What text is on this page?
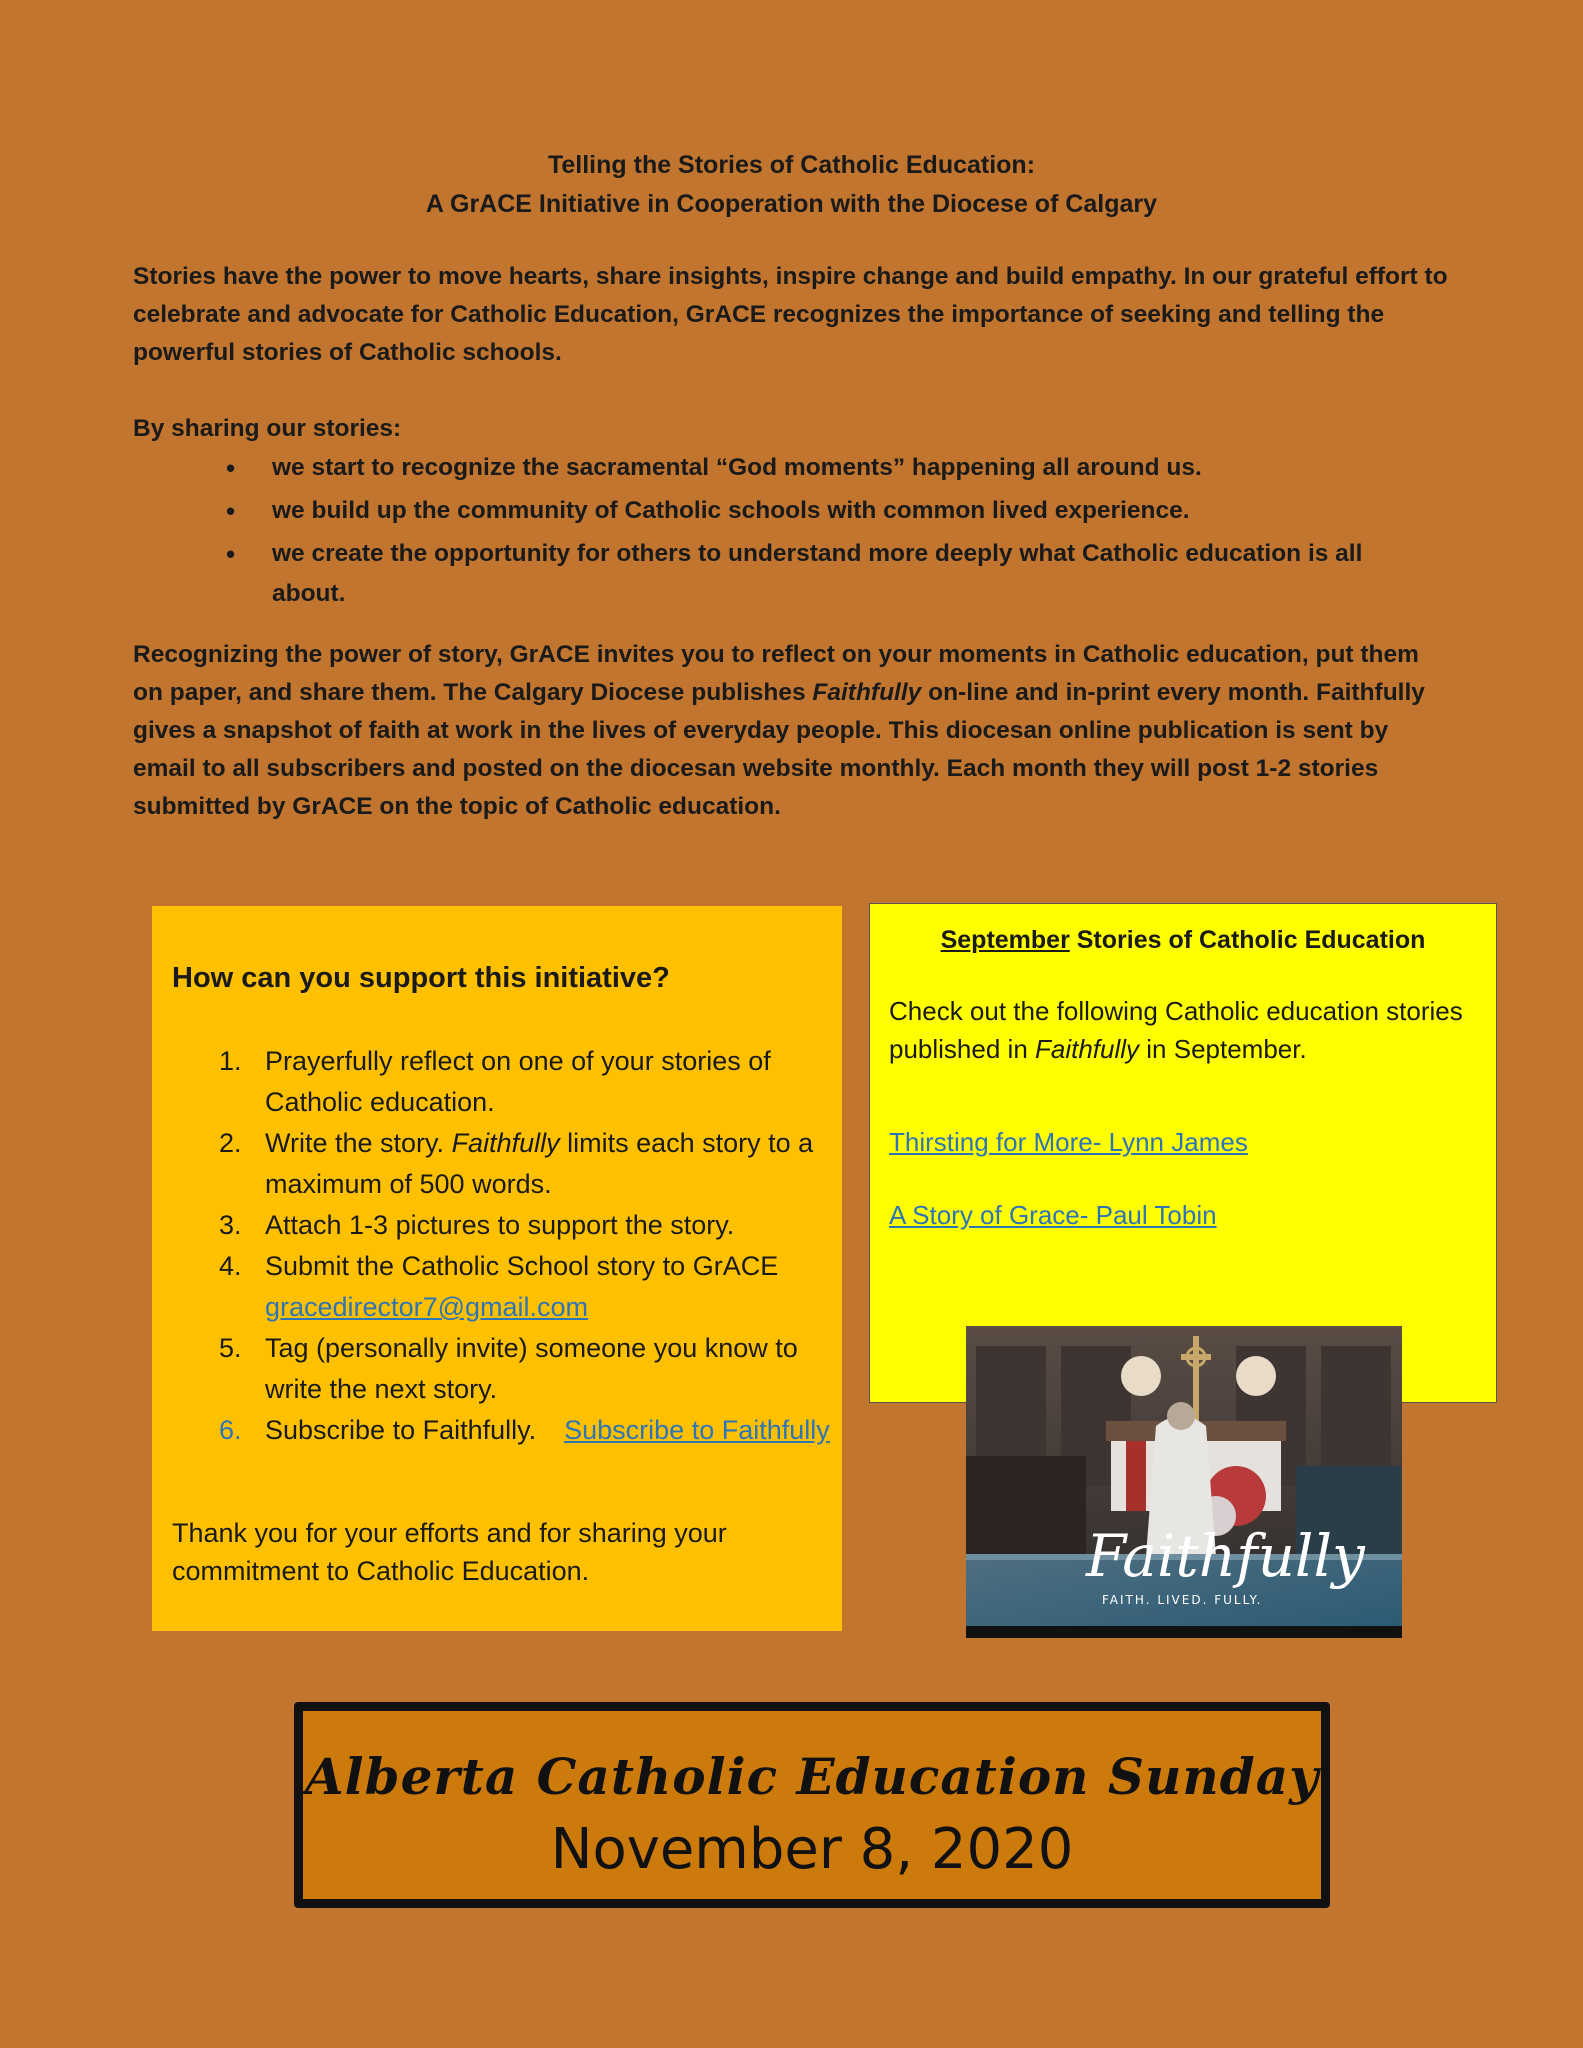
Telling the Stories of Catholic Education:
A GrACE Initiative in Cooperation with the Diocese of Calgary
Stories have the power to move hearts, share insights, inspire change and build empathy. In our grateful effort to celebrate and advocate for Catholic Education, GrACE recognizes the importance of seeking and telling the powerful stories of Catholic schools.
By sharing our stories:
• we start to recognize the sacramental “God moments” happening all around us.
• we build up the community of Catholic schools with common lived experience.
• we create the opportunity for others to understand more deeply what Catholic education is all about.
Recognizing the power of story, GrACE invites you to reflect on your moments in Catholic education, put them on paper, and share them. The Calgary Diocese publishes Faithfully on-line and in-print every month. Faithfully gives a snapshot of faith at work in the lives of everyday people. This diocesan online publication is sent by email to all subscribers and posted on the diocesan website monthly. Each month they will post 1-2 stories submitted by GrACE on the topic of Catholic education.
How can you support this initiative?
1. Prayerfully reflect on one of your stories of Catholic education.
2. Write the story. Faithfully limits each story to a maximum of 500 words.
3. Attach 1-3 pictures to support the story.
4. Submit the Catholic School story to GrACE
gracedirector7@gmail.com
5. Tag (personally invite) someone you know to write the next story.
6. Subscribe to Faithfully. Subscribe to Faithfully
Thank you for your efforts and for sharing your commitment to Catholic Education.
September Stories of Catholic Education
Check out the following Catholic education stories published in Faithfully in September.
Thirsting for More- Lynn James
A Story of Grace- Paul Tobin
Faithfully
FAITH. LIVED. FULLY.
Alberta Catholic Education Sunday
November 8, 2020
